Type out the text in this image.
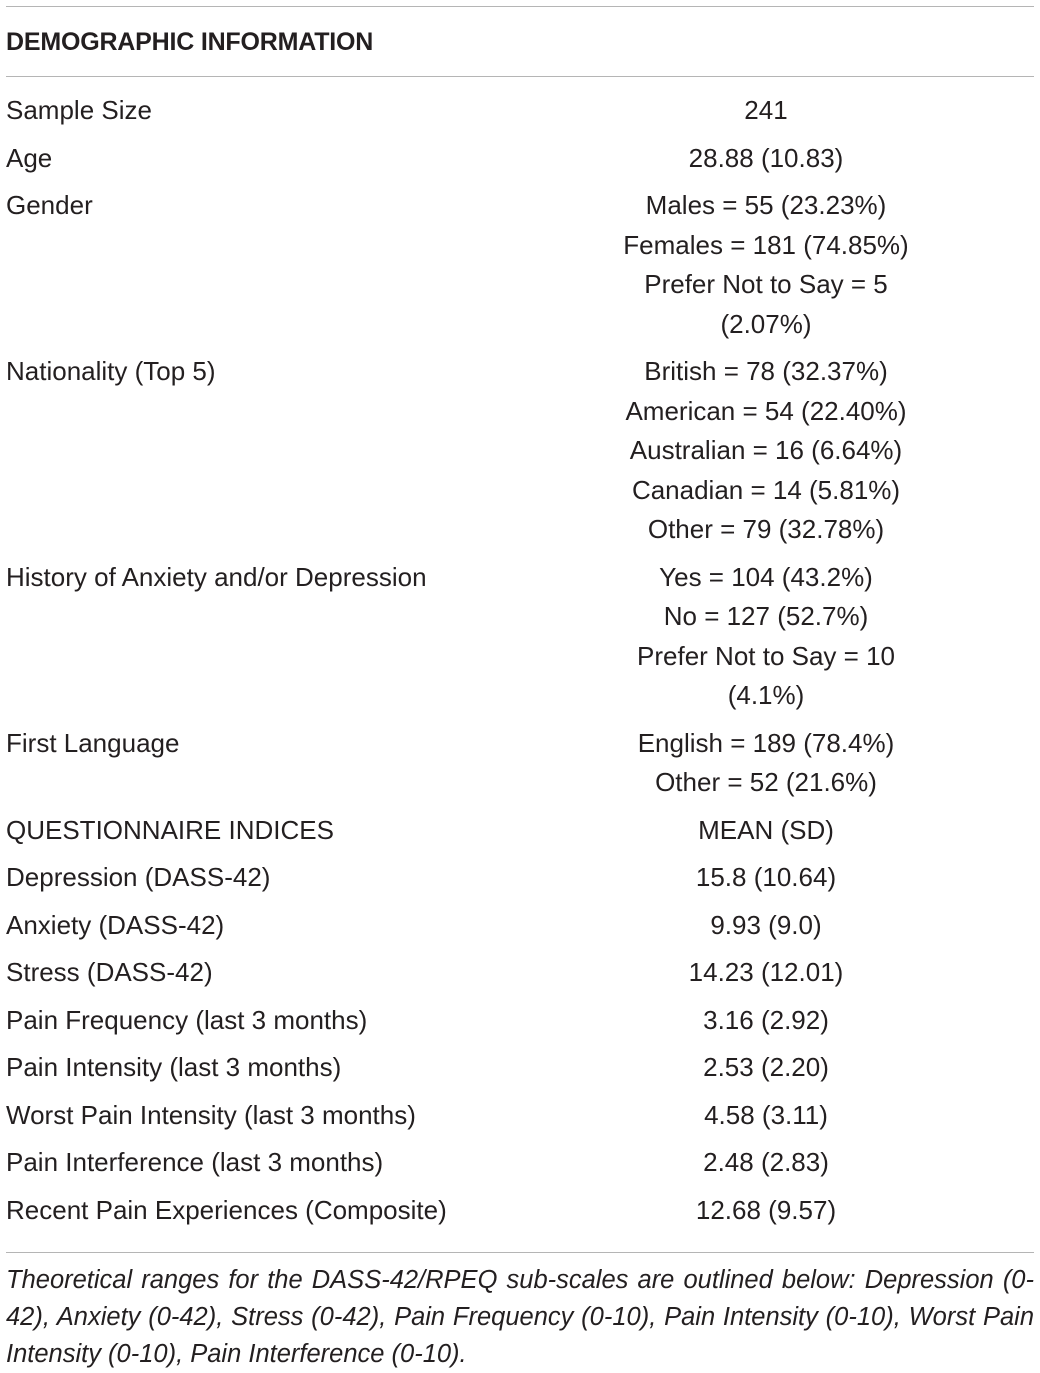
DEMOGRAPHIC INFORMATION
Sample Size	241
Age	28.88 (10.83)
Gender	Males = 55 (23.23%)
Females = 181 (74.85%)
Prefer Not to Say = 5
(2.07%)
Nationality (Top 5)	British = 78 (32.37%)
American = 54 (22.40%)
Australian = 16 (6.64%)
Canadian = 14 (5.81%)
Other = 79 (32.78%)
History of Anxiety and/or Depression	Yes = 104 (43.2%)
No = 127 (52.7%)
Prefer Not to Say = 10
(4.1%)
First Language	English = 189 (78.4%)
Other = 52 (21.6%)
QUESTIONNAIRE INDICES	MEAN (SD)
Depression (DASS-42)	15.8 (10.64)
Anxiety (DASS-42)	9.93 (9.0)
Stress (DASS-42)	14.23 (12.01)
Pain Frequency (last 3 months)	3.16 (2.92)
Pain Intensity (last 3 months)	2.53 (2.20)
Worst Pain Intensity (last 3 months)	4.58 (3.11)
Pain Interference (last 3 months)	2.48 (2.83)
Recent Pain Experiences (Composite)	12.68 (9.57)
Theoretical ranges for the DASS-42/RPEQ sub-scales are outlined below: Depression (0-42), Anxiety (0-42), Stress (0-42), Pain Frequency (0-10), Pain Intensity (0-10), Worst Pain Intensity (0-10), Pain Interference (0-10).
